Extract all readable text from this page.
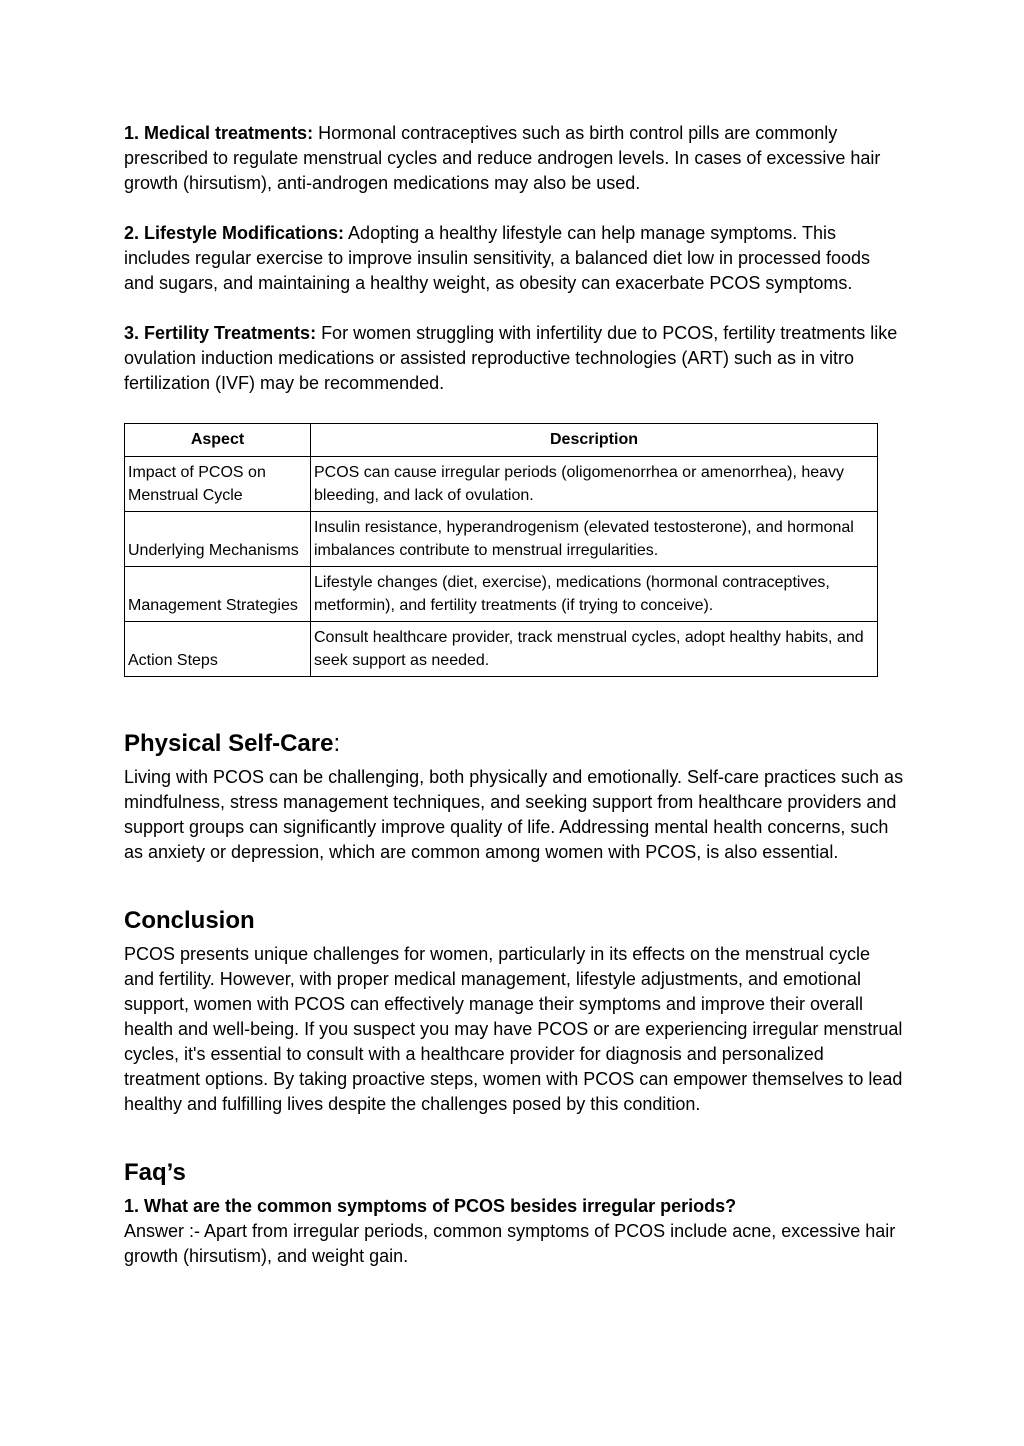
1. Medical treatments: Hormonal contraceptives such as birth control pills are commonly prescribed to regulate menstrual cycles and reduce androgen levels. In cases of excessive hair growth (hirsutism), anti-androgen medications may also be used.

2. Lifestyle Modifications: Adopting a healthy lifestyle can help manage symptoms. This includes regular exercise to improve insulin sensitivity, a balanced diet low in processed foods and sugars, and maintaining a healthy weight, as obesity can exacerbate PCOS symptoms.

3. Fertility Treatments: For women struggling with infertility due to PCOS, fertility treatments like ovulation induction medications or assisted reproductive technologies (ART) such as in vitro fertilization (IVF) may be recommended.

Aspect	Description
Impact of PCOS on Menstrual Cycle	PCOS can cause irregular periods (oligomenorrhea or amenorrhea), heavy bleeding, and lack of ovulation.
Underlying Mechanisms	Insulin resistance, hyperandrogenism (elevated testosterone), and hormonal imbalances contribute to menstrual irregularities.
Management Strategies	Lifestyle changes (diet, exercise), medications (hormonal contraceptives, metformin), and fertility treatments (if trying to conceive).
Action Steps	Consult healthcare provider, track menstrual cycles, adopt healthy habits, and seek support as needed.
Physical Self-Care:

Living with PCOS can be challenging, both physically and emotionally. Self-care practices such as mindfulness, stress management techniques, and seeking support from healthcare providers and support groups can significantly improve quality of life. Addressing mental health concerns, such as anxiety or depression, which are common among women with PCOS, is also essential.

Conclusion

PCOS presents unique challenges for women, particularly in its effects on the menstrual cycle and fertility. However, with proper medical management, lifestyle adjustments, and emotional support, women with PCOS can effectively manage their symptoms and improve their overall health and well-being. If you suspect you may have PCOS or are experiencing irregular menstrual cycles, it's essential to consult with a healthcare provider for diagnosis and personalized treatment options. By taking proactive steps, women with PCOS can empower themselves to lead healthy and fulfilling lives despite the challenges posed by this condition.

Faq’s

1. What are the common symptoms of PCOS besides irregular periods?

Answer :- Apart from irregular periods, common symptoms of PCOS include acne, excessive hair growth (hirsutism), and weight gain.
